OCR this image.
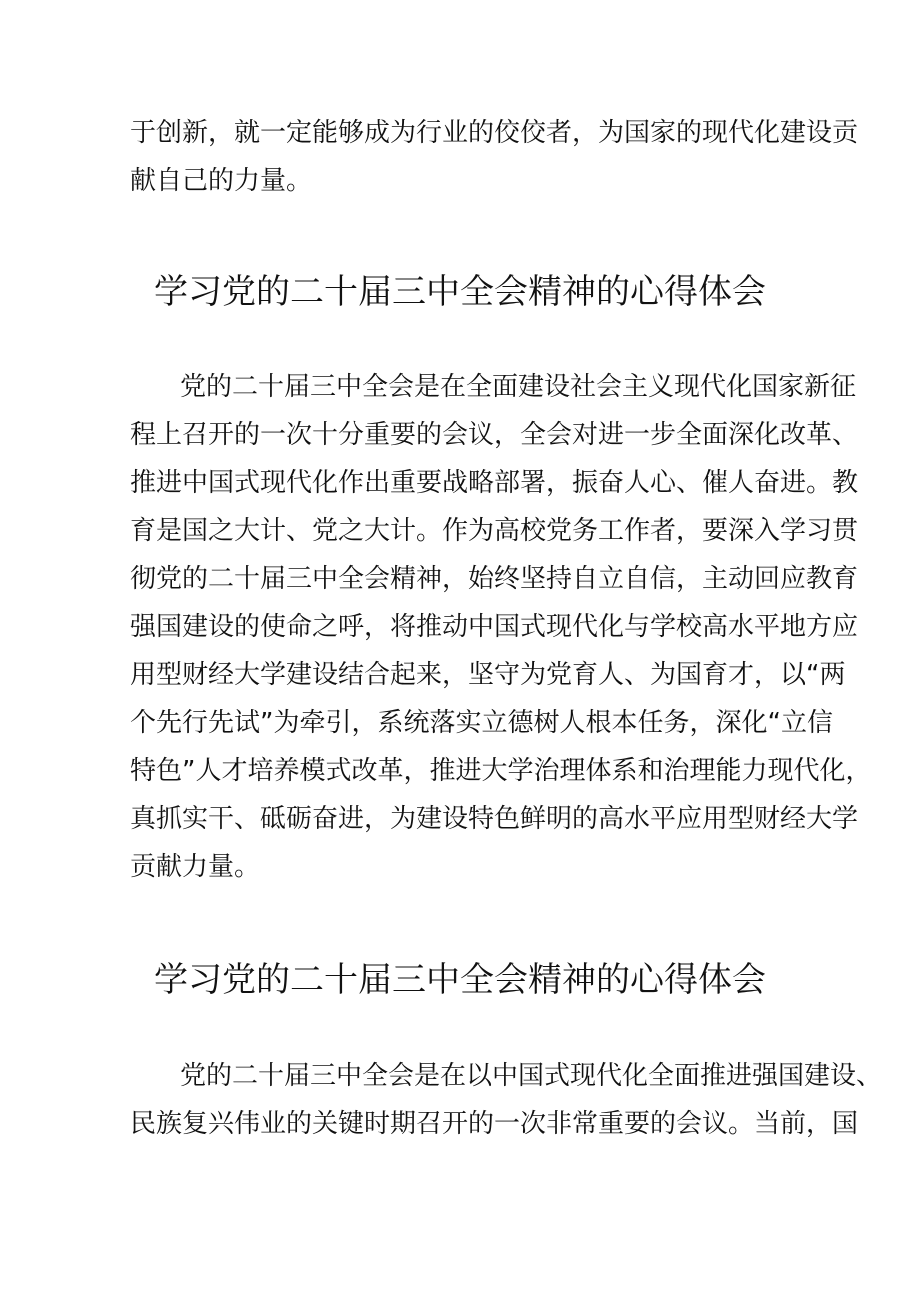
于创新，就一定能够成为行业的佼佼者，为国家的现代化建设贡
献自己的力量。
学习党的二十届三中全会精神的心得体会
党的二十届三中全会是在全面建设社会主义现代化国家新征
程上召开的一次十分重要的会议，全会对进一步全面深化改革、
推进中国式现代化作出重要战略部署，振奋人心、催人奋进。教
育是国之大计、党之大计。作为高校党务工作者，要深入学习贯
彻党的二十届三中全会精神，始终坚持自立自信，主动回应教育
强国建设的使命之呼，将推动中国式现代化与学校高水平地方应
用型财经大学建设结合起来，坚守为党育人、为国育才，以“两
个先行先试”为牵引，系统落实立德树人根本任务，深化“立信
特色”人才培养模式改革，推进大学治理体系和治理能力现代化，
真抓实干、砥砺奋进，为建设特色鲜明的高水平应用型财经大学
贡献力量。
学习党的二十届三中全会精神的心得体会
党的二十届三中全会是在以中国式现代化全面推进强国建设、
民族复兴伟业的关键时期召开的一次非常重要的会议。当前，国
